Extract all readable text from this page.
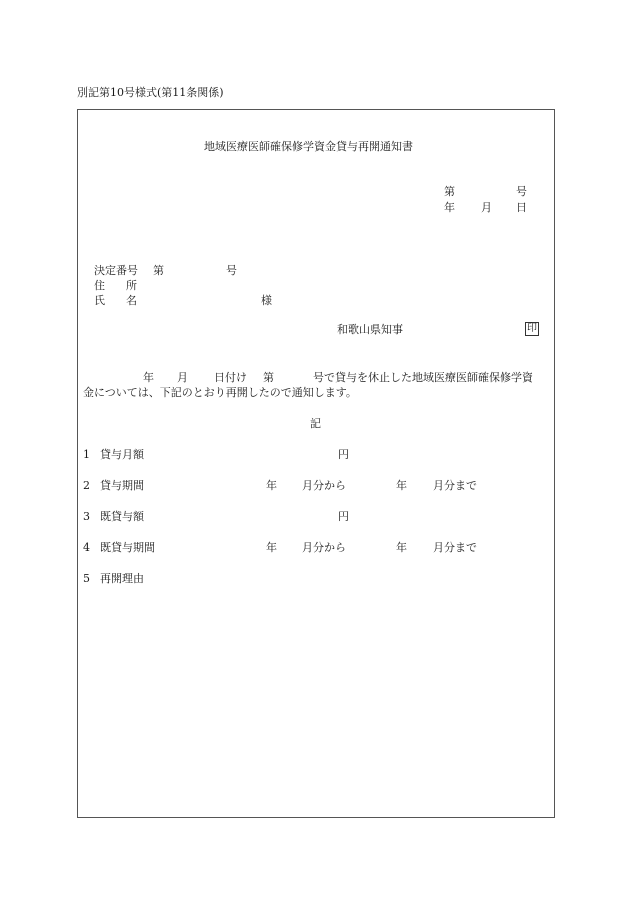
別記第10号様式(第11条関係)
地域医療医師確保修学資金貸与再開通知書
第	号
年 月 日
決定番号 第	号
住　所
氏　名	様
和歌山県知事	印
年 月 日付け 第	号で貸与を休止した地域医療医師確保修学資
金については、下記のとおり再開したので通知します。
記
1 貸与月額	円
2 貸与期間	年 月分から	年 月分まで
3 既貸与額	円
4 既貸与期間	年 月分から	年 月分まで
5 再開理由
